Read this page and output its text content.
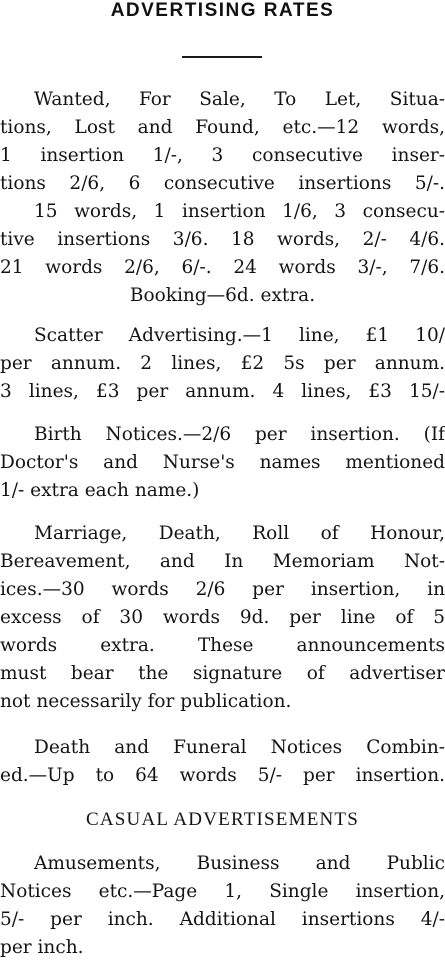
ADVERTISING RATES
Wanted, For Sale, To Let, Situa-
tions, Lost and Found, etc.—12 words,
1 insertion 1/-, 3 consecutive inser-
tions 2/6, 6 consecutive insertions 5/-.
15 words, 1 insertion 1/6, 3 consecu-
tive insertions 3/6. 18 words, 2/- 4/6.
21 words 2/6, 6/-. 24 words 3/-, 7/6.
Booking—6d. extra.
Scatter Advertising.—1 line, £1 10/
per annum. 2 lines, £2 5s per annum.
3 lines, £3 per annum. 4 lines, £3 15/-
Birth Notices.—2/6 per insertion. (If
Doctor's and Nurse's names mentioned
1/- extra each name.)
Marriage, Death, Roll of Honour,
Bereavement, and In Memoriam Not-
ices.—30 words 2/6 per insertion, in
excess of 30 words 9d. per line of 5
words extra. These announcements
must bear the signature of advertiser
not necessarily for publication.
Death and Funeral Notices Combin-
ed.—Up to 64 words 5/- per insertion.
CASUAL ADVERTISEMENTS
Amusements, Business and Public
Notices etc.—Page 1, Single insertion,
5/- per inch. Additional insertions 4/-
per inch.
